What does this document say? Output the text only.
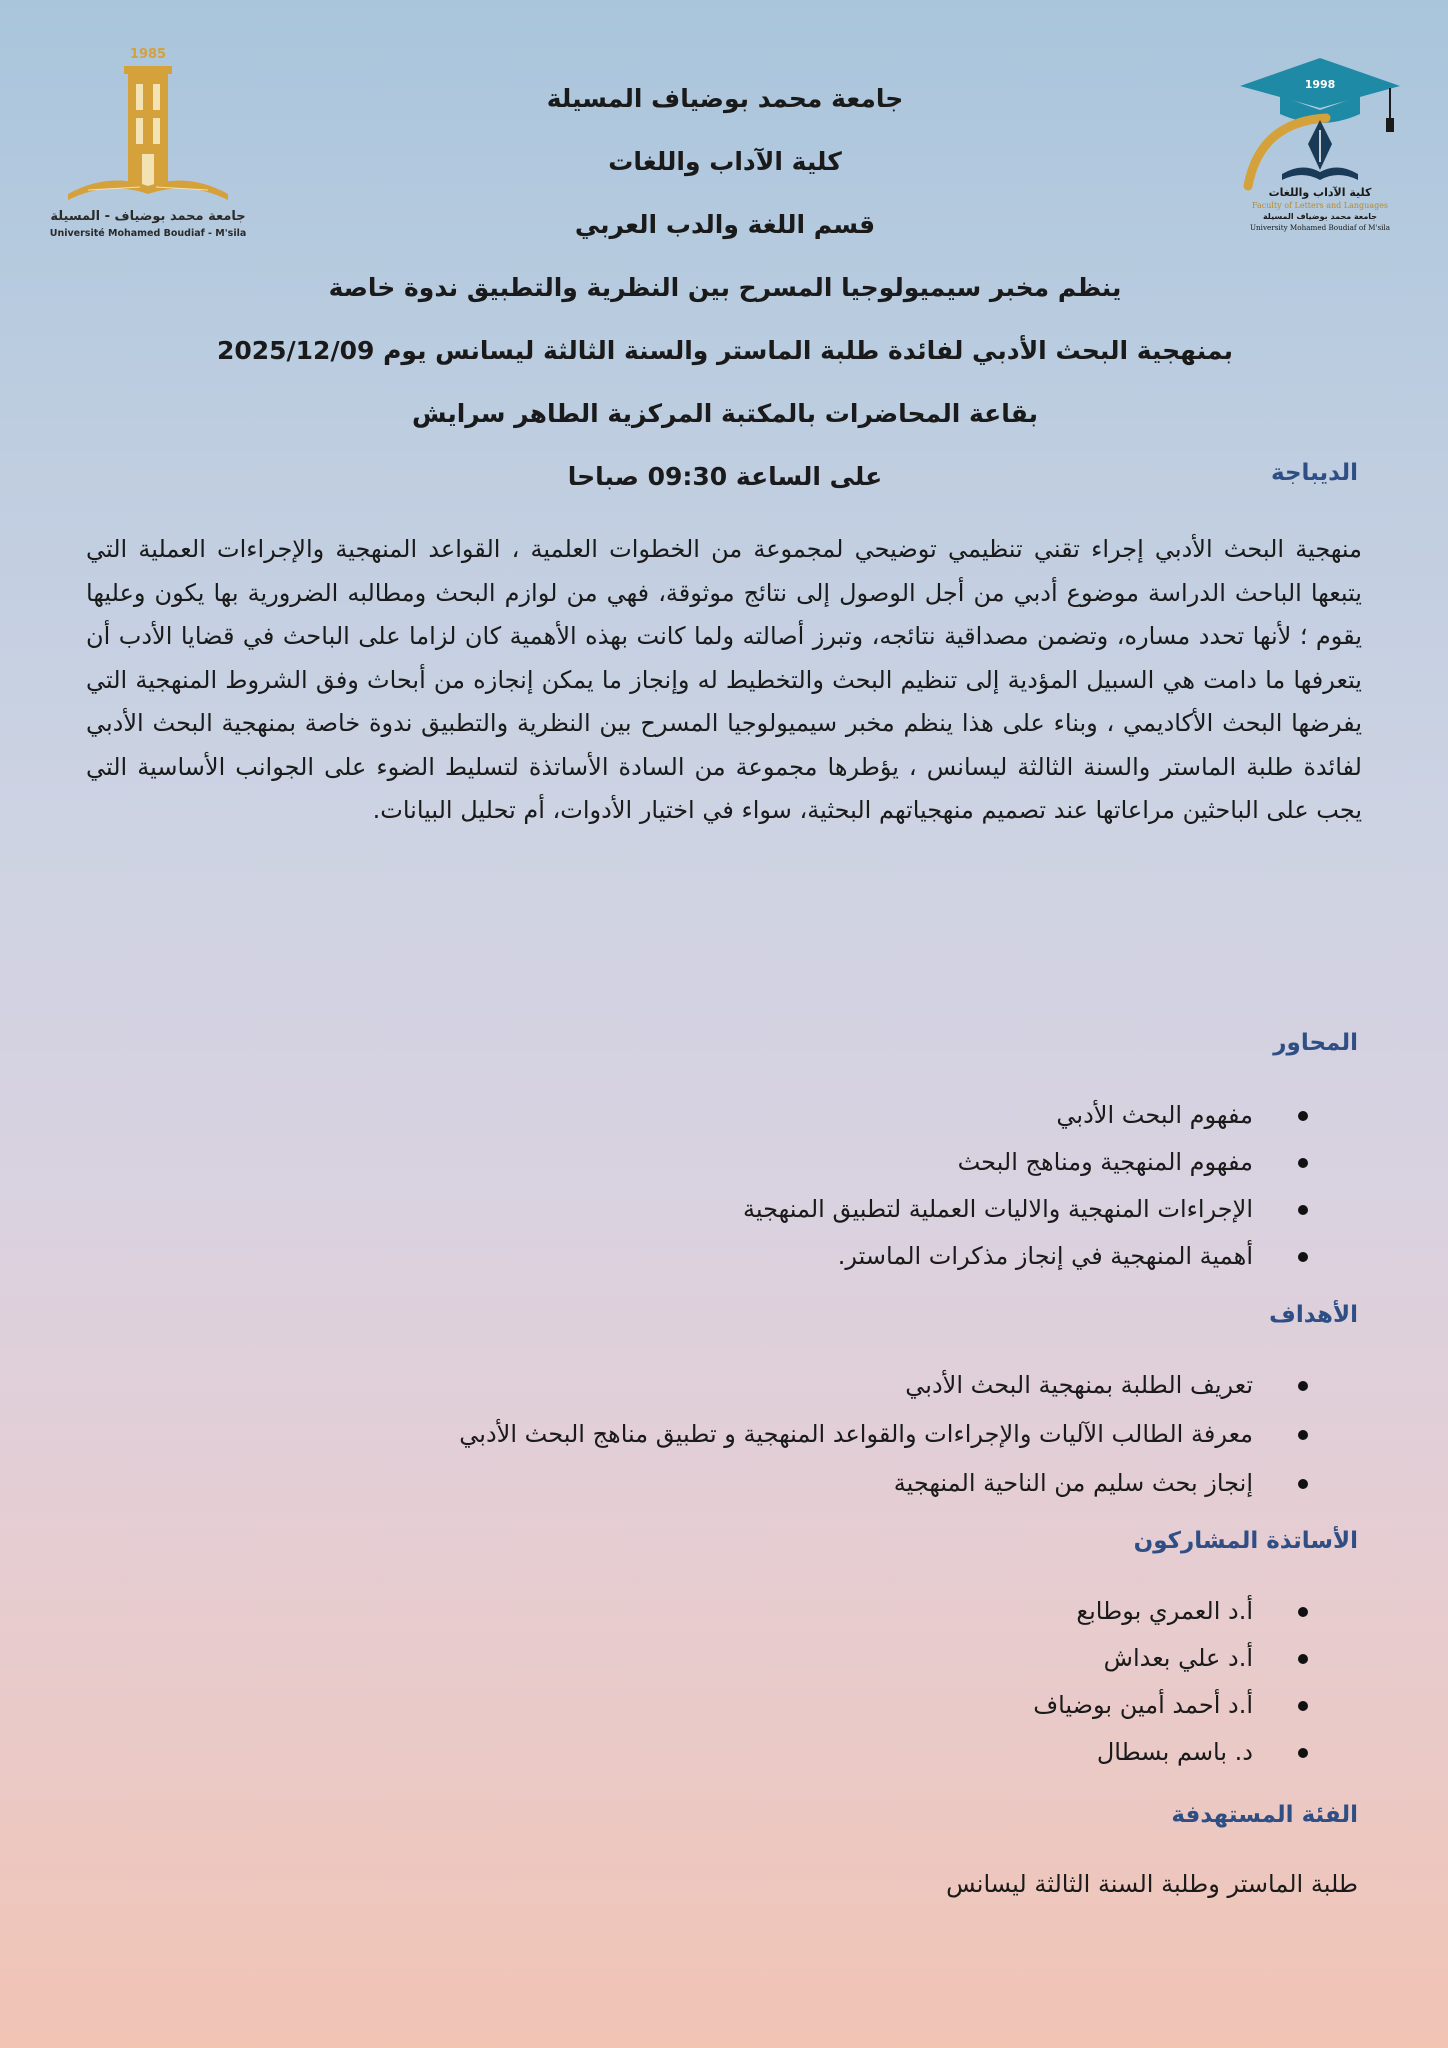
1985
جامعة محمد بوضياف - المسيلة
Université Mohamed Boudiaf - M'sila
1998
كلية الآداب واللغات
Faculty of Letters and Languages
جامعة محمد بوضياف المسيلة
University Mohamed Boudiaf of M'sila
جامعة محمد بوضياف المسيلة
كلية الآداب واللغات
قسم اللغة والدب العربي
ينظم مخبر سيميولوجيا المسرح بين النظرية والتطبيق ندوة خاصة
بمنهجية البحث الأدبي لفائدة طلبة الماستر والسنة الثالثة ليسانس يوم 2025/12/09
بقاعة المحاضرات بالمكتبة المركزية الطاهر سرايش
على الساعة 09:30 صباحا	الديباجة
منهجية البحث الأدبي إجراء تقني تنظيمي توضيحي لمجموعة من الخطوات العلمية ، القواعد المنهجية والإجراءات العملية التي يتبعها الباحث الدراسة موضوع أدبي من أجل الوصول إلى نتائج موثوقة، فهي من لوازم البحث ومطالبه الضرورية بها يكون وعليها يقوم ؛ لأنها تحدد مساره، وتضمن مصداقية نتائجه، وتبرز أصالته ولما كانت بهذه الأهمية كان لزاما على الباحث في قضايا الأدب أن يتعرفها ما دامت هي السبيل المؤدية إلى تنظيم البحث والتخطيط له وإنجاز ما يمكن إنجازه من أبحاث وفق الشروط المنهجية التي يفرضها البحث الأكاديمي ، وبناء على هذا ينظم مخبر سيميولوجيا المسرح بين النظرية والتطبيق ندوة خاصة بمنهجية البحث الأدبي لفائدة طلبة الماستر والسنة الثالثة ليسانس ، يؤطرها مجموعة من السادة الأساتذة لتسليط الضوء على الجوانب الأساسية التي يجب على الباحثين مراعاتها عند تصميم منهجياتهم البحثية، سواء في اختيار الأدوات، أم تحليل البيانات.
المحاور
مفهوم البحث الأدبي
مفهوم المنهجية ومناهج البحث
الإجراءات المنهجية والاليات العملية لتطبيق المنهجية
أهمية المنهجية في إنجاز مذكرات الماستر.
الأهداف
تعريف الطلبة بمنهجية البحث الأدبي
معرفة الطالب الآليات والإجراءات والقواعد المنهجية و تطبيق مناهج البحث الأدبي
إنجاز بحث سليم من الناحية المنهجية
الأساتذة المشاركون
أ.د العمري بوطابع
أ.د علي بعداش
أ.د أحمد أمين بوضياف
د. باسم بسطال
الفئة المستهدفة
طلبة الماستر وطلبة السنة الثالثة ليسانس
